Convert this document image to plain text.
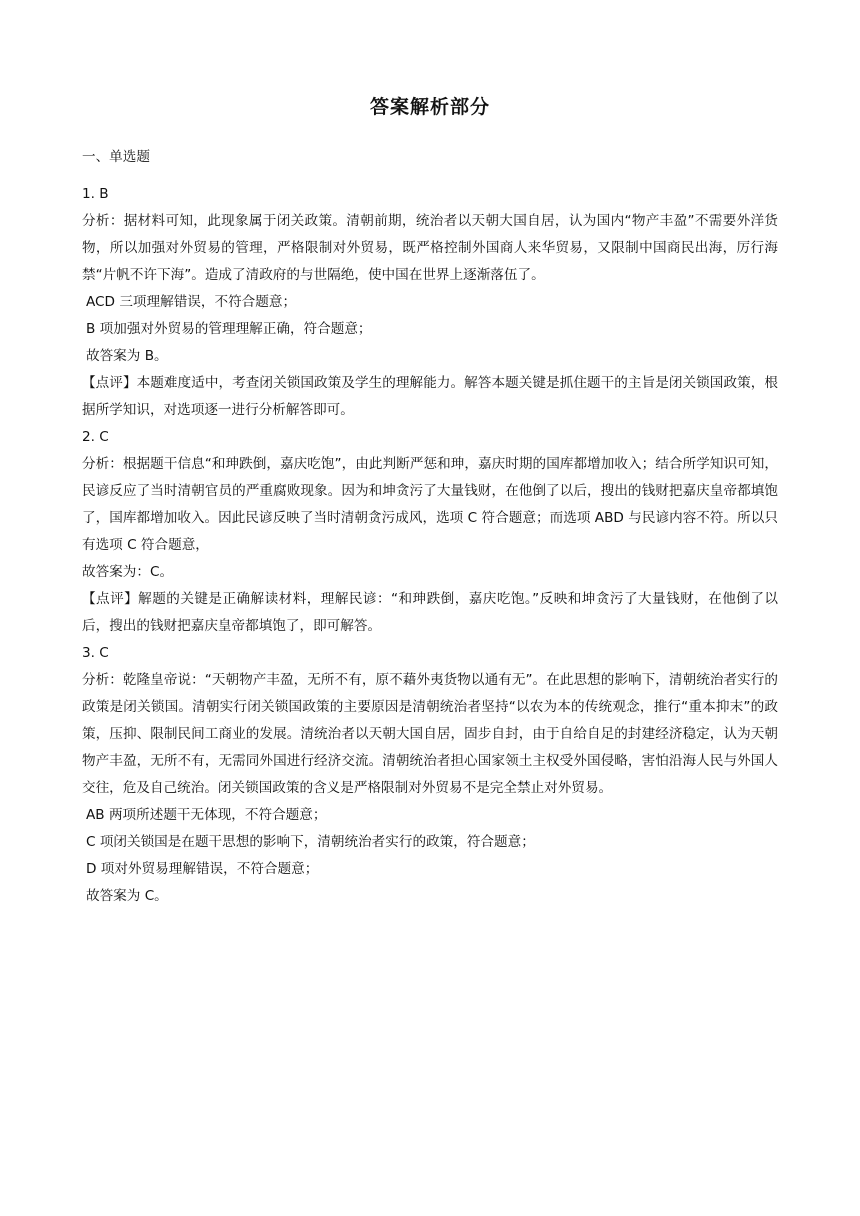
答案解析部分
一、单选题
1. B

分析：据材料可知，此现象属于闭关政策。清朝前期，统治者以天朝大国自居，认为国内“物产丰盈”不需要外洋货物，所以加强对外贸易的管理，严格限制对外贸易，既严格控制外国商人来华贸易，又限制中国商民出海，厉行海禁“片帆不许下海”。造成了清政府的与世隔绝，使中国在世界上逐渐落伍了。

ACD 三项理解错误，不符合题意；

B 项加强对外贸易的管理理解正确，符合题意；

故答案为 B。

【点评】本题难度适中，考查闭关锁国政策及学生的理解能力。解答本题关键是抓住题干的主旨是闭关锁国政策，根据所学知识，对选项逐一进行分析解答即可。

2. C

分析：根据题干信息“和珅跌倒，嘉庆吃饱”，由此判断严惩和珅，嘉庆时期的国库都增加收入；结合所学知识可知，民谚反应了当时清朝官员的严重腐败现象。因为和坤贪污了大量钱财，在他倒了以后，搜出的钱财把嘉庆皇帝都填饱了，国库都增加收入。因此民谚反映了当时清朝贪污成风，选项 C 符合题意；而选项 ABD 与民谚内容不符。所以只有选项 C 符合题意，

故答案为：C。

【点评】解题的关键是正确解读材料，理解民谚：“和珅跌倒，嘉庆吃饱。”反映和坤贪污了大量钱财，在他倒了以后，搜出的钱财把嘉庆皇帝都填饱了，即可解答。

3. C

分析：乾隆皇帝说：“天朝物产丰盈，无所不有，原不藉外夷货物以通有无”。在此思想的影响下，清朝统治者实行的政策是闭关锁国。清朝实行闭关锁国政策的主要原因是清朝统治者坚持“以农为本的传统观念，推行“重本抑末”的政策，压抑、限制民间工商业的发展。清统治者以天朝大国自居，固步自封，由于自给自足的封建经济稳定，认为天朝物产丰盈，无所不有，无需同外国进行经济交流。清朝统治者担心国家领土主权受外国侵略，害怕沿海人民与外国人交往，危及自己统治。闭关锁国政策的含义是严格限制对外贸易不是完全禁止对外贸易。

AB 两项所述题干无体现，不符合题意；

C 项闭关锁国是在题干思想的影响下，清朝统治者实行的政策，符合题意；

D 项对外贸易理解错误，不符合题意；

故答案为 C。
